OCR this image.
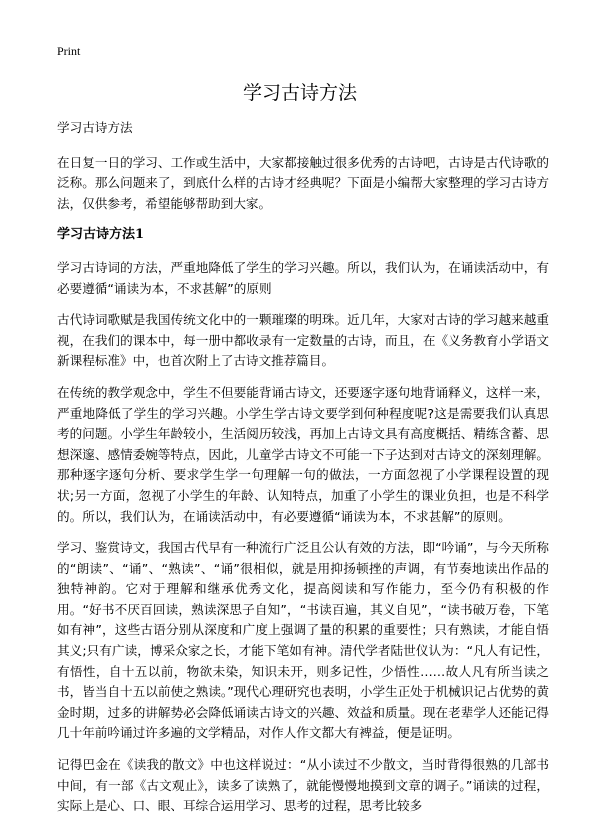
Print
学习古诗方法

学习古诗方法

在日复一日的学习、工作或生活中，大家都接触过很多优秀的古诗吧，古诗是古代诗歌的泛称。那么问题来了，到底什么样的古诗才经典呢？下面是小编帮大家整理的学习古诗方法，仅供参考，希望能够帮助到大家。

学习古诗方法1

学习古诗词的方法，严重地降低了学生的学习兴趣。所以，我们认为，在诵读活动中，有必要遵循“诵读为本，不求甚解”的原则

古代诗词歌赋是我国传统文化中的一颗璀璨的明珠。近几年，大家对古诗的学习越来越重视，在我们的课本中，每一册中都收录有一定数量的古诗，而且，在《义务教育小学语文新课程标准》中，也首次附上了古诗文推荐篇目。

在传统的教学观念中，学生不但要能背诵古诗文，还要逐字逐句地背诵释义，这样一来，严重地降低了学生的学习兴趣。小学生学古诗文要学到何种程度呢?这是需要我们认真思考的问题。小学生年龄较小，生活阅历较浅，再加上古诗文具有高度概括、精练含蓄、思想深邃、感情委婉等特点，因此，儿童学古诗文不可能一下子达到对古诗文的深刻理解。那种逐字逐句分析、要求学生学一句理解一句的做法，一方面忽视了小学课程设置的现状;另一方面，忽视了小学生的年龄、认知特点，加重了小学生的课业负担，也是不科学的。所以，我们认为，在诵读活动中，有必要遵循“诵读为本，不求甚解”的原则。

学习、鉴赏诗文，我国古代早有一种流行广泛且公认有效的方法，即“吟诵”，与今天所称的“朗读”、“诵”、“熟读”、“诵”很相似，就是用抑扬顿挫的声调，有节奏地读出作品的独特神韵。它对于理解和继承优秀文化，提高阅读和写作能力，至今仍有积极的作用。“好书不厌百回读，熟读深思子自知”，“书读百遍，其义自见”，“读书破万卷，下笔如有神”，这些古语分别从深度和广度上强调了量的积累的重要性；只有熟读，才能自悟其义;只有广读，博采众家之长，才能下笔如有神。清代学者陆世仪认为：“凡人有记性，有悟性，自十五以前，物欲未染，知识未开，则多记性，少悟性……故人凡有所当读之书，皆当自十五以前使之熟读。”现代心理研究也表明，小学生正处于机械识记占优势的黄金时期，过多的讲解势必会降低诵读古诗文的兴趣、效益和质量。现在老辈学人还能记得几十年前吟诵过许多遍的文学精品，对作人作文都大有裨益，便是证明。

记得巴金在《读我的散文》中也这样说过：“从小读过不少散文，当时背得很熟的几部书中间，有一部《古文观止》，读多了读熟了，就能慢慢地摸到文章的调子。”诵读的过程，实际上是心、口、眼、耳综合运用学习、思考的过程，思考比较多
